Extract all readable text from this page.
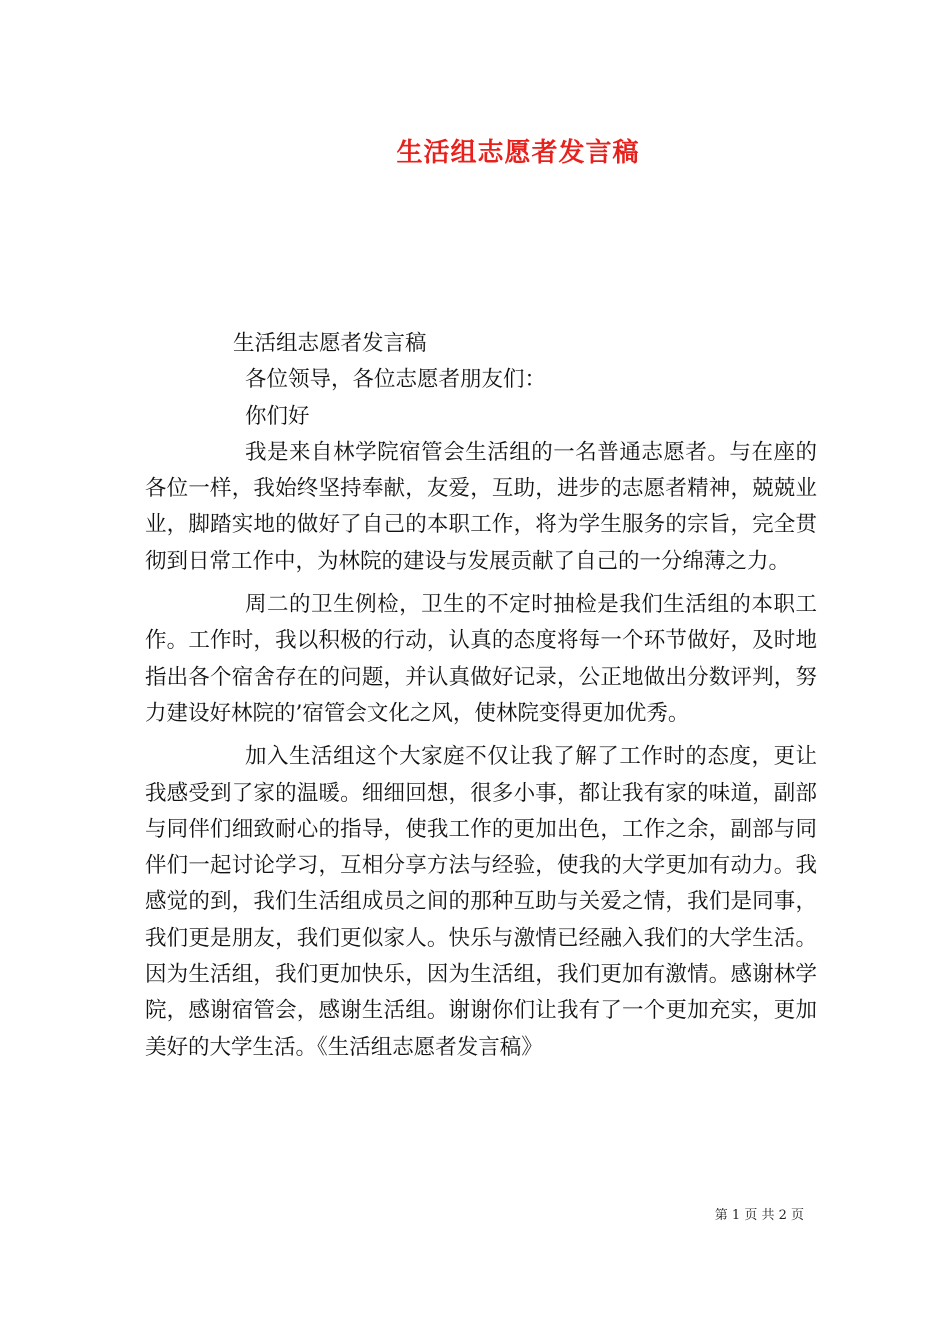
生活组志愿者发言稿
生活组志愿者发言稿
各位领导，各位志愿者朋友们：
你们好

我是来自林学院宿管会生活组的一名普通志愿者。与在座的各位一样，我始终坚持奉献，友爱，互助，进步的志愿者精神，兢兢业业，脚踏实地的做好了自己的本职工作，将为学生服务的宗旨，完全贯彻到日常工作中，为林院的建设与发展贡献了自己的一分绵薄之力。

周二的卫生例检，卫生的不定时抽检是我们生活组的本职工作。工作时，我以积极的行动，认真的态度将每一个环节做好，及时地指出各个宿舍存在的问题，并认真做好记录，公正地做出分数评判，努力建设好林院的’宿管会文化之风，使林院变得更加优秀。

加入生活组这个大家庭不仅让我了解了工作时的态度，更让我感受到了家的温暖。细细回想，很多小事，都让我有家的味道，副部与同伴们细致耐心的指导，使我工作的更加出色，工作之余，副部与同伴们一起讨论学习，互相分享方法与经验，使我的大学更加有动力。我感觉的到，我们生活组成员之间的那种互助与关爱之情，我们是同事，我们更是朋友，我们更似家人。快乐与激情已经融入我们的大学生活。因为生活组，我们更加快乐，因为生活组，我们更加有激情。感谢林学院，感谢宿管会，感谢生活组。谢谢你们让我有了一个更加充实，更加美好的大学生活。《生活组志愿者发言稿》

第 1 页 共 2 页
